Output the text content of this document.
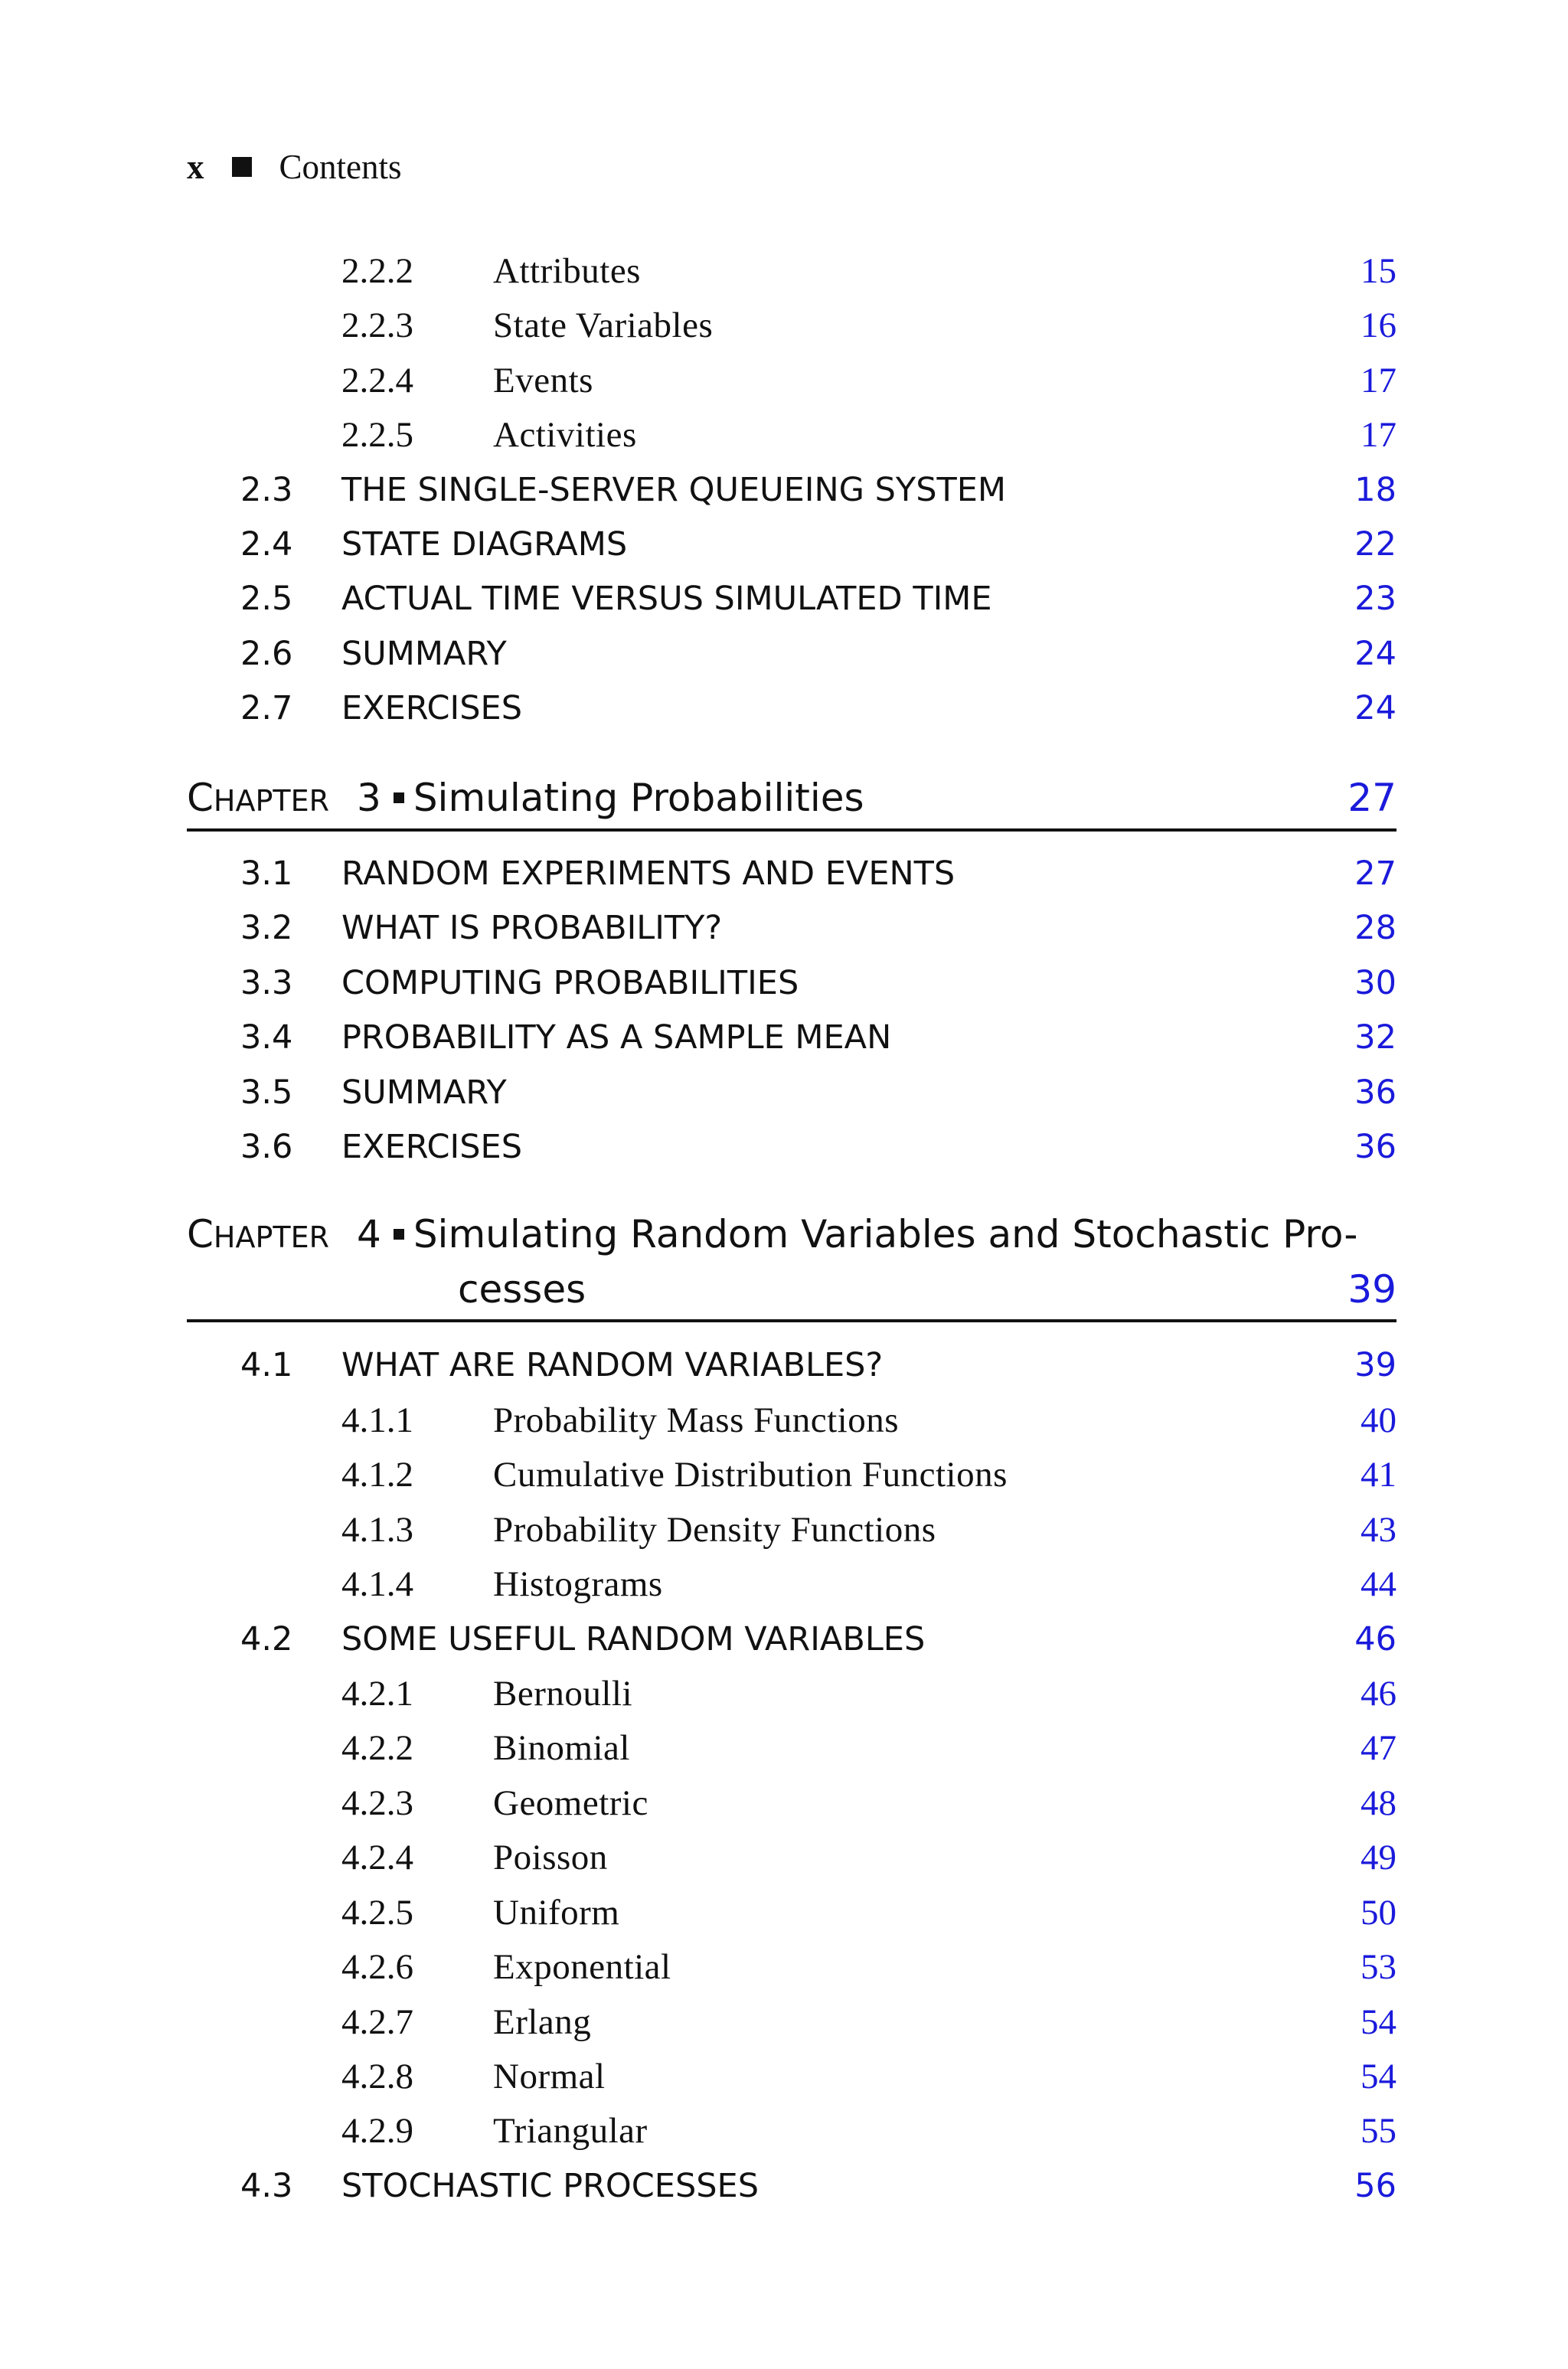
x Contents
2.2.2 Attributes	15
2.2.3 State Variables	16
2.2.4 Events	17
2.2.5 Activities	17
2.3 THE SINGLE-SERVER QUEUEING SYSTEM	18
2.4 STATE DIAGRAMS	22
2.5 ACTUAL TIME VERSUS SIMULATED TIME	23
2.6 SUMMARY	24
2.7 EXERCISES	24
CHAPTER 3 Simulating Probabilities	27
3.1 RANDOM EXPERIMENTS AND EVENTS	27
3.2 WHAT IS PROBABILITY?	28
3.3 COMPUTING PROBABILITIES	30
3.4 PROBABILITY AS A SAMPLE MEAN	32
3.5 SUMMARY	36
3.6 EXERCISES	36
CHAPTER 4 Simulating Random Variables and Stochastic Pro-
cesses	39
4.1 WHAT ARE RANDOM VARIABLES?	39
4.1.1 Probability Mass Functions	40
4.1.2 Cumulative Distribution Functions	41
4.1.3 Probability Density Functions	43
4.1.4 Histograms	44
4.2 SOME USEFUL RANDOM VARIABLES	46
4.2.1 Bernoulli	46
4.2.2 Binomial	47
4.2.3 Geometric	48
4.2.4 Poisson	49
4.2.5 Uniform	50
4.2.6 Exponential	53
4.2.7 Erlang	54
4.2.8 Normal	54
4.2.9 Triangular	55
4.3 STOCHASTIC PROCESSES	56
